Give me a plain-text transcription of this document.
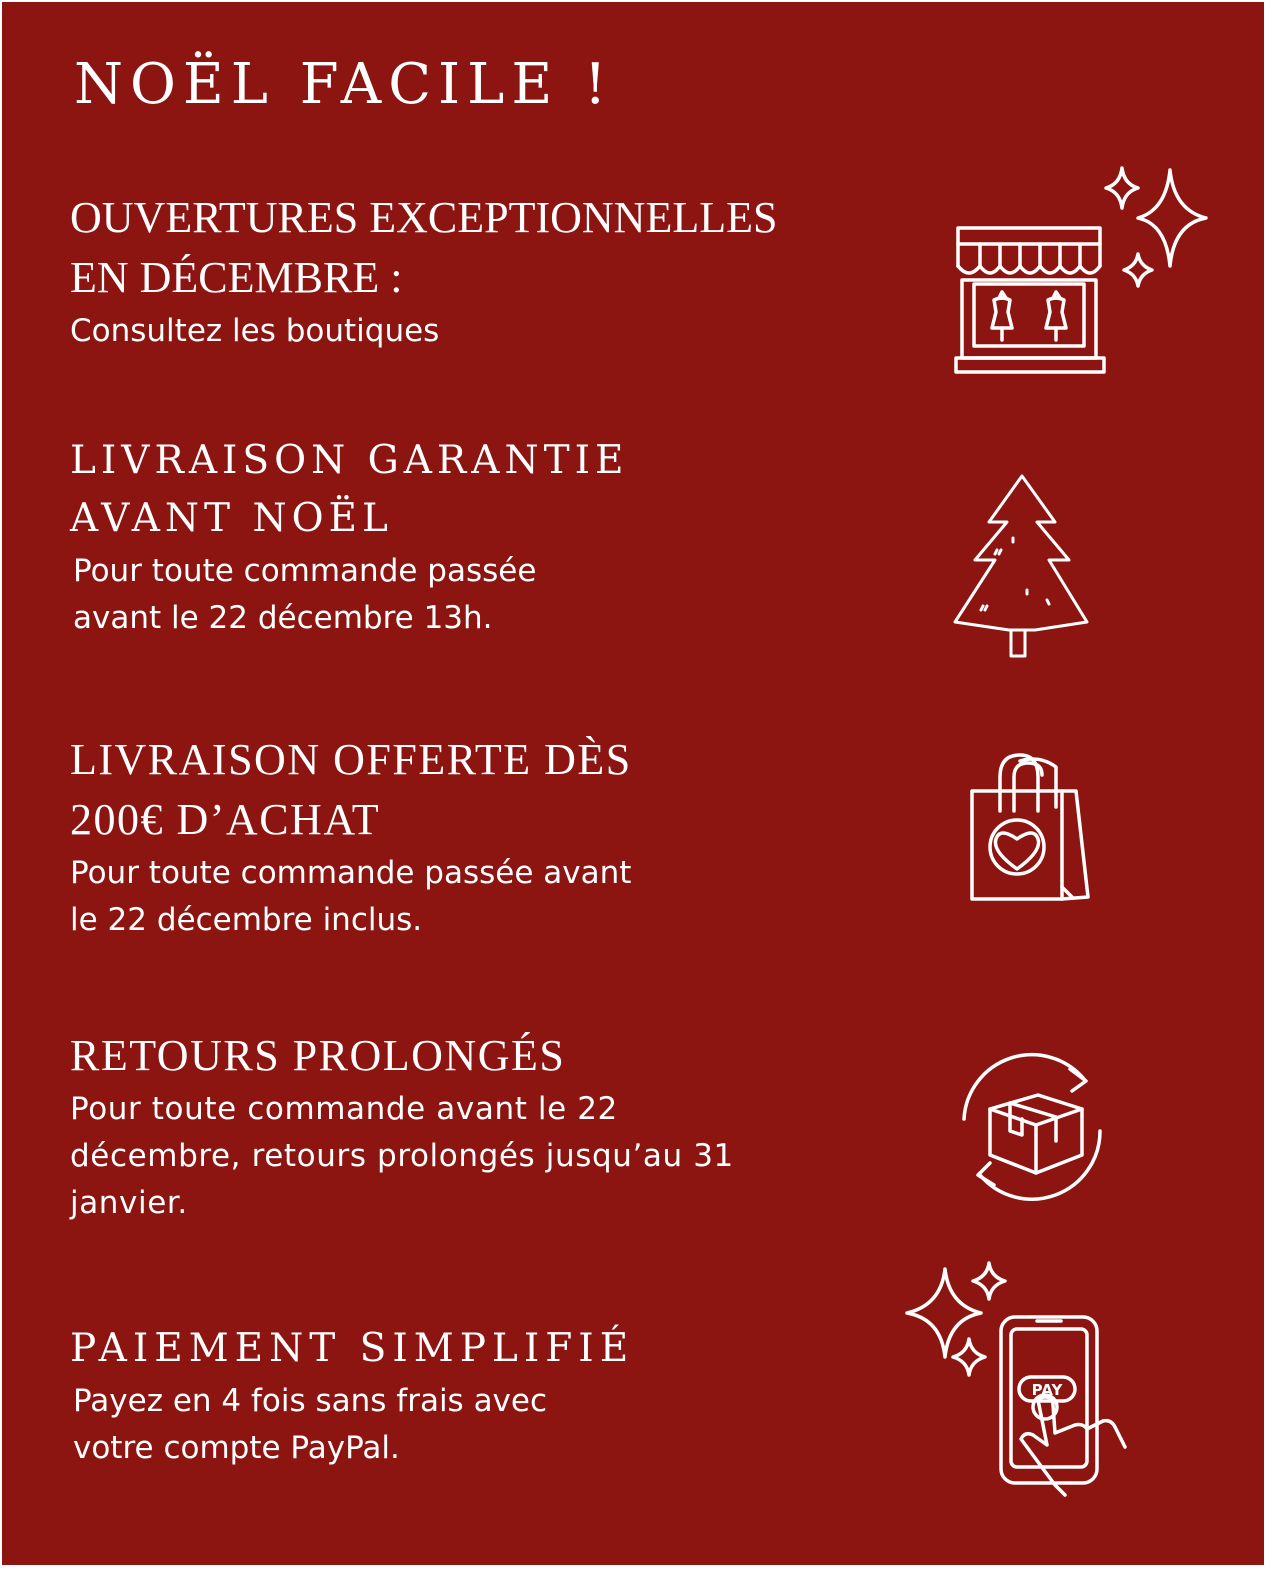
NOËL FACILE !
OUVERTURES EXCEPTIONNELLES
EN DÉCEMBRE :
Consultez les boutiques
LIVRAISON GARANTIE
AVANT NOËL
Pour toute commande passée
avant le 22 décembre 13h.
LIVRAISON OFFERTE DÈS
200€ D’ACHAT
Pour toute commande passée avant
le 22 décembre inclus.
RETOURS PROLONGÉS
Pour toute commande avant le 22
décembre, retours prolongés jusqu’au 31
janvier.
PAIEMENT SIMPLIFIÉ
Payez en 4 fois sans frais avec
votre compte PayPal.
PAY
